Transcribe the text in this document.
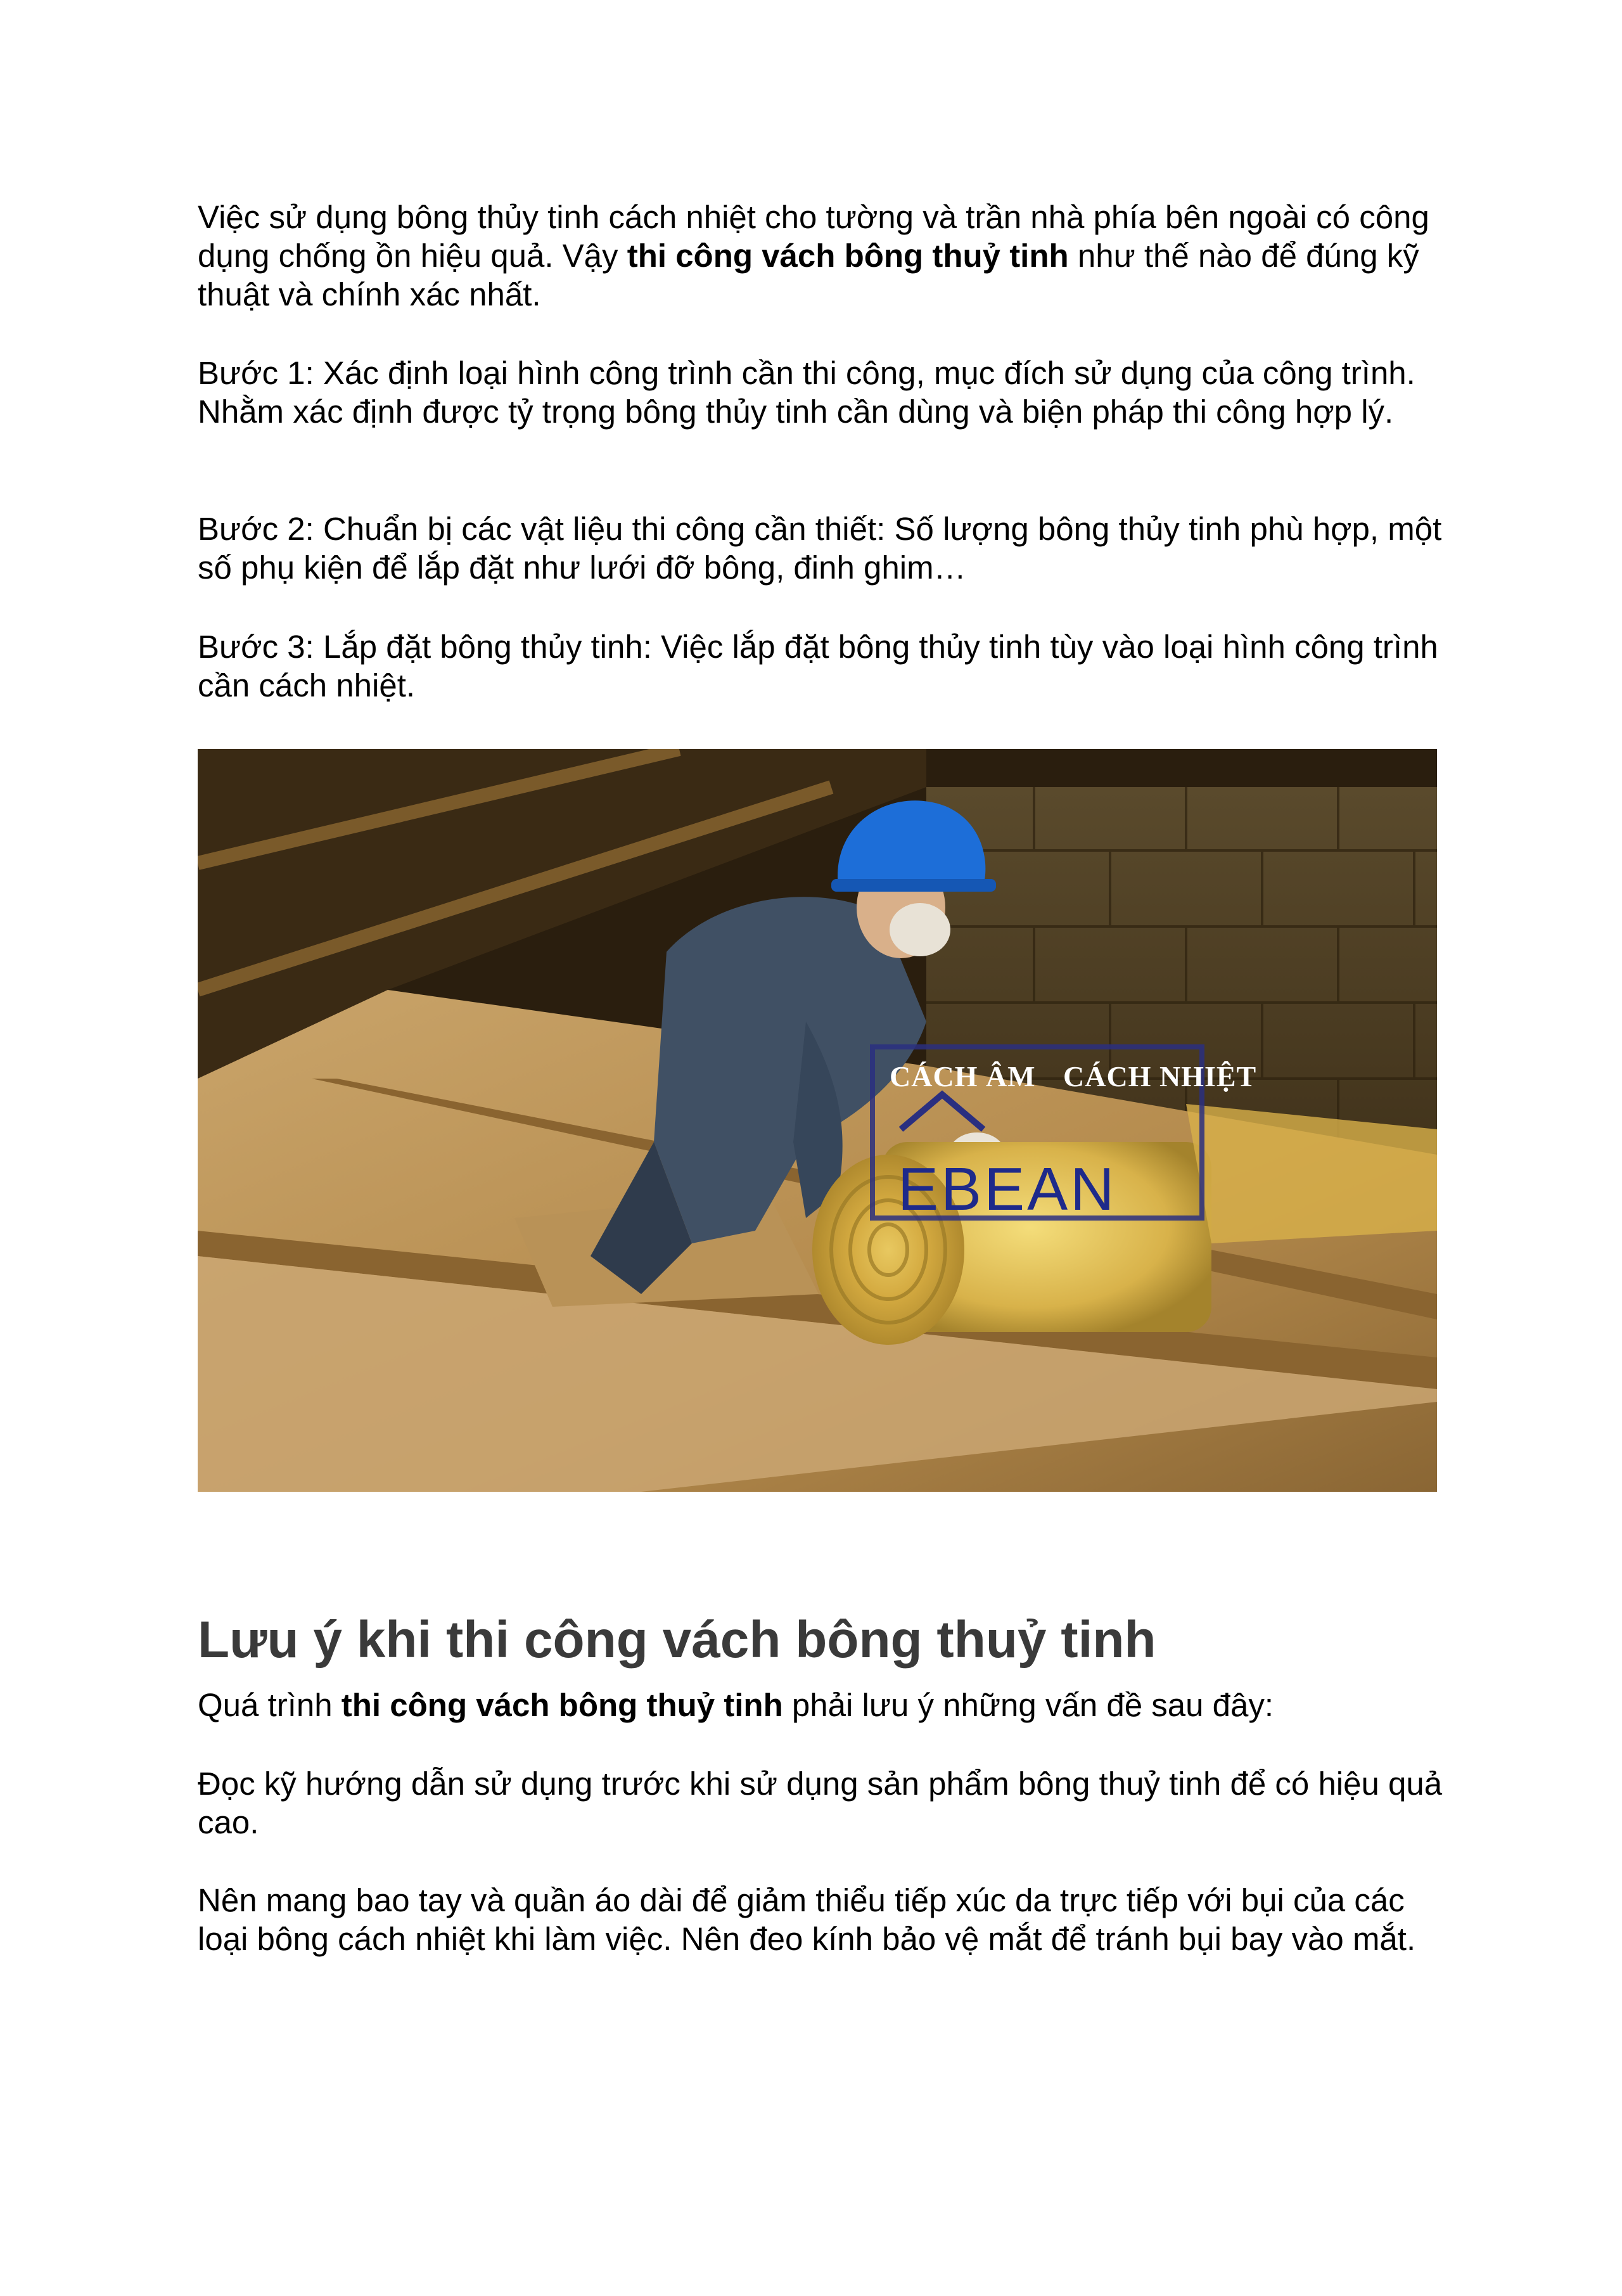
Việc sử dụng bông thủy tinh cách nhiệt cho tường và trần nhà phía bên ngoài có công dụng chống ồn hiệu quả. Vậy thi công vách bông thuỷ tinh như thế nào để đúng kỹ thuật và chính xác nhất.

Bước 1: Xác định loại hình công trình cần thi công, mục đích sử dụng của công trình. Nhằm xác định được tỷ trọng bông thủy tinh cần dùng và biện pháp thi công hợp lý.

Bước 2: Chuẩn bị các vật liệu thi công cần thiết: Số lượng bông thủy tinh phù hợp, một số phụ kiện để lắp đặt như lưới đỡ bông, đinh ghim…

Bước 3: Lắp đặt bông thủy tinh: Việc lắp đặt bông thủy tinh tùy vào loại hình công trình cần cách nhiệt.

CÁCH ÂM CÁCH NHIỆT
EBEAN
Lưu ý khi thi công vách bông thuỷ tinh

Quá trình thi công vách bông thuỷ tinh phải lưu ý những vấn đề sau đây:

Đọc kỹ hướng dẫn sử dụng trước khi sử dụng sản phẩm bông thuỷ tinh để có hiệu quả cao.

Nên mang bao tay và quần áo dài để giảm thiểu tiếp xúc da trực tiếp với bụi của các loại bông cách nhiệt khi làm việc. Nên đeo kính bảo vệ mắt để tránh bụi bay vào mắt.
